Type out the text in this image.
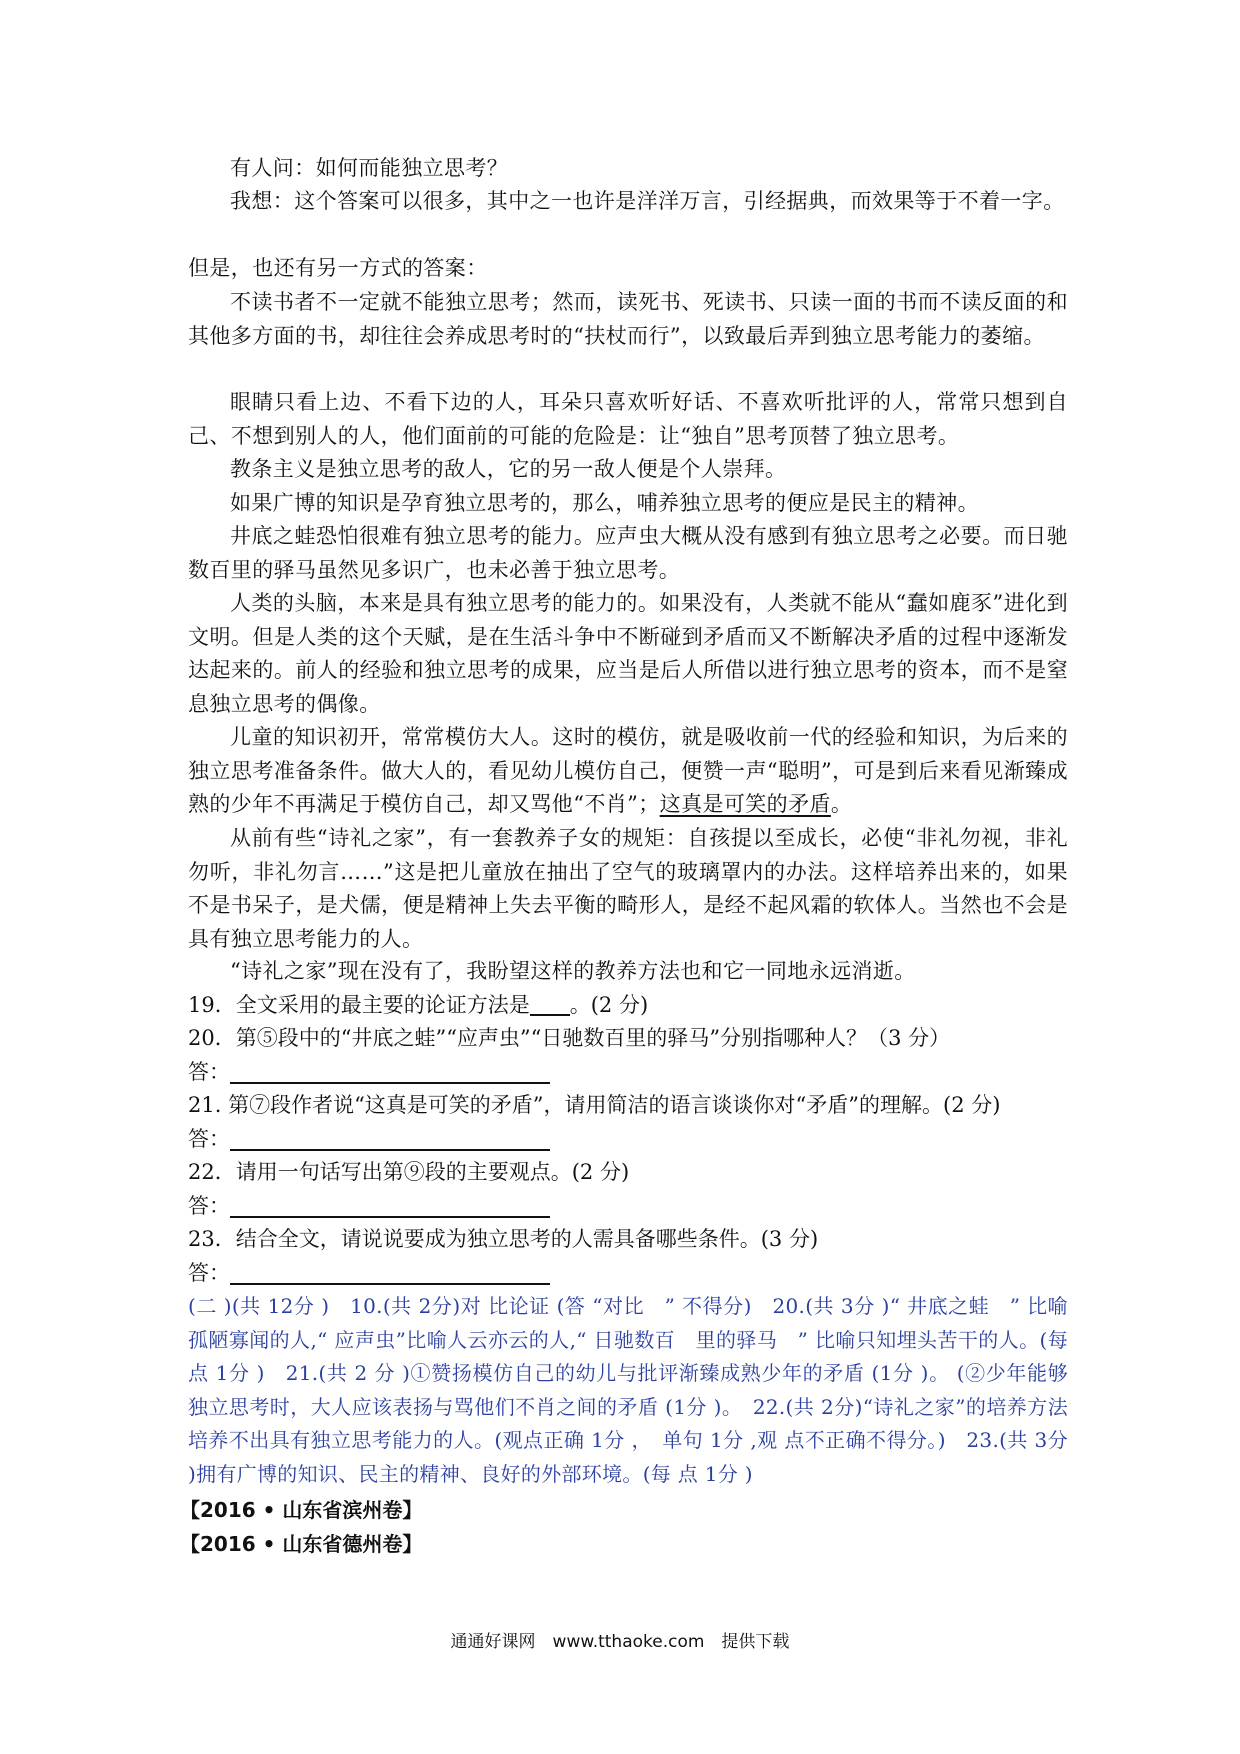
有人问：如何而能独立思考？

我想：这个答案可以很多，其中之一也许是洋洋万言，引经据典，而效果等于不着一字。

但是，也还有另一方式的答案：

不读书者不一定就不能独立思考；然而，读死书、死读书、只读一面的书而不读反面的和其他多方面的书，却往往会养成思考时的“扶杖而行”，以致最后弄到独立思考能力的萎缩。

眼睛只看上边、不看下边的人，耳朵只喜欢听好话、不喜欢听批评的人，常常只想到自己、不想到别人的人，他们面前的可能的危险是：让“独自”思考顶替了独立思考。

教条主义是独立思考的敌人，它的另一敌人便是个人崇拜。

如果广博的知识是孕育独立思考的，那么，哺养独立思考的便应是民主的精神。

井底之蛙恐怕很难有独立思考的能力。应声虫大概从没有感到有独立思考之必要。而日驰数百里的驿马虽然见多识广，也未必善于独立思考。

人类的头脑，本来是具有独立思考的能力的。如果没有，人类就不能从“蠢如鹿豕”进化到文明。但是人类的这个天赋，是在生活斗争中不断碰到矛盾而又不断解决矛盾的过程中逐渐发达起来的。前人的经验和独立思考的成果，应当是后人所借以进行独立思考的资本，而不是窒息独立思考的偶像。

儿童的知识初开，常常模仿大人。这时的模仿，就是吸收前一代的经验和知识，为后来的独立思考准备条件。做大人的，看见幼儿模仿自己，便赞一声“聪明”，可是到后来看见渐臻成熟的少年不再满足于模仿自己，却又骂他“不肖”；这真是可笑的矛盾。

从前有些“诗礼之家”，有一套教养子女的规矩：自孩提以至成长，必使“非礼勿视，非礼勿听，非礼勿言……”这是把儿童放在抽出了空气的玻璃罩内的办法。这样培养出来的，如果不是书呆子，是犬儒，便是精神上失去平衡的畸形人，是经不起风霜的软体人。当然也不会是具有独立思考能力的人。

“诗礼之家”现在没有了，我盼望这样的教养方法也和它一同地永远消逝。

19．全文采用的最主要的论证方法是 。(2 分)

20．第⑤段中的“井底之蛙”“应声虫”“日驰数百里的驿马”分别指哪种人？（3 分）

答：

21. 第⑦段作者说“这真是可笑的矛盾”，请用简洁的语言谈谈你对“矛盾”的理解。(2 分)

答：

22．请用一句话写出第⑨段的主要观点。(2 分)

答：

23．结合全文，请说说要成为独立思考的人需具备哪些条件。(3 分)

答：

(二 )(共 12分 )　10.(共 2分)对 比论证 (答 “对比　” 不得分)　20.(共 3分 )“ 井底之蛙　” 比喻孤陋寡闻的人,“ 应声虫”比喻人云亦云的人,“ 日驰数百　里的驿马　” 比喻只知埋头苦干的人。(每 点 1分 )　21.(共 2 分 )①赞扬模仿自己的幼儿与批评渐臻成熟少年的矛盾 (1分 )。 (②少年能够独立思考时，大人应该表扬与骂他们不肖之间的矛盾 (1分 )。　22.(共 2分)“诗礼之家”的培养方法培养不出具有独立思考能力的人。(观点正确 1分 ，　单句 1分 ,观 点不正确不得分。)　23.(共 3分 )拥有广博的知识、民主的精神、良好的外部环境。(每 点 1分 )

【2016 • 山东省滨州卷】
【2016 • 山东省德州卷】
通通好课网　www.tthaoke.com　提供下载
